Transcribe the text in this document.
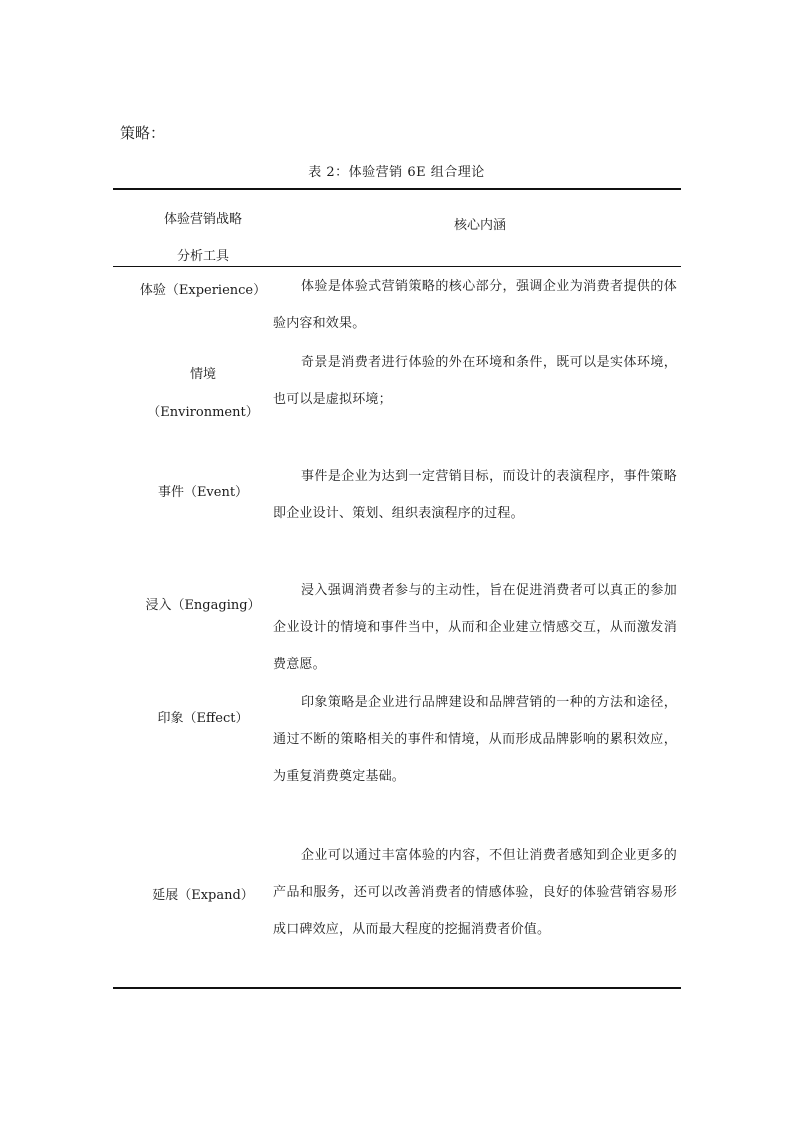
策略：
表 2：体验营销 6E 组合理论
体验营销战略
分析工具
核心内涵
体验（Experience）	体验是体验式营销策略的核心部分，强调企业为消费者提供的体验内容和效果。
情境
（Environment）
奇景是消费者进行体验的外在环境和条件，既可以是实体环境，也可以是虚拟环境；
事件（Event）
事件是企业为达到一定营销目标，而设计的表演程序，事件策略即企业设计、策划、组织表演程序的过程。
浸入（Engaging）
浸入强调消费者参与的主动性，旨在促进消费者可以真正的参加企业设计的情境和事件当中，从而和企业建立情感交互，从而激发消费意愿。
印象（Effect）
印象策略是企业进行品牌建设和品牌营销的一种的方法和途径，通过不断的策略相关的事件和情境，从而形成品牌影响的累积效应，为重复消费奠定基础。
延展（Expand）
企业可以通过丰富体验的内容，不但让消费者感知到企业更多的产品和服务，还可以改善消费者的情感体验，良好的体验营销容易形成口碑效应，从而最大程度的挖掘消费者价值。
